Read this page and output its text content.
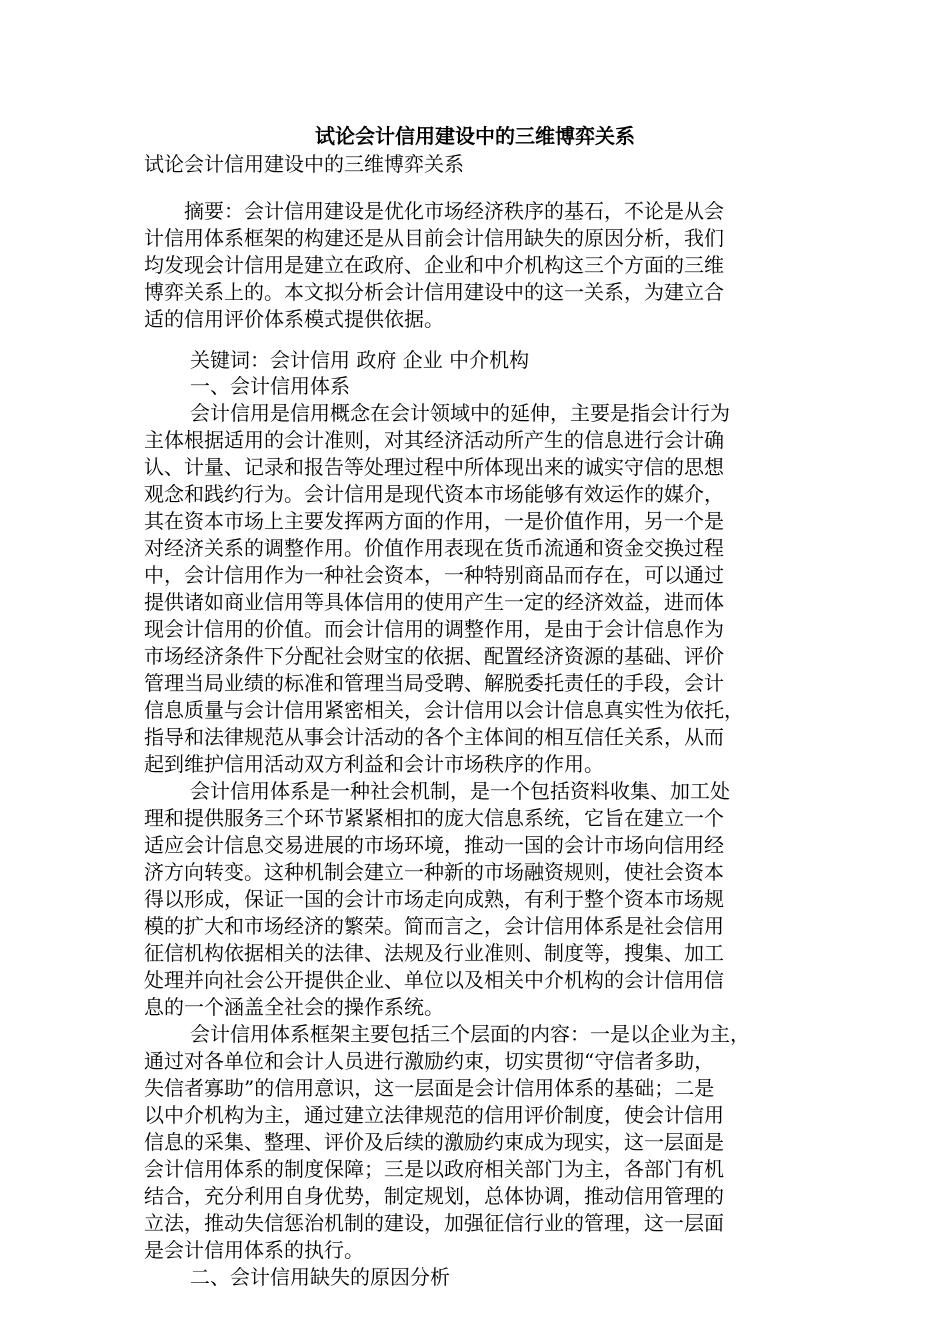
试论会计信用建设中的三维博弈关系
试论会计信用建设中的三维博弈关系
　　摘要：会计信用建设是优化市场经济秩序的基石，不论是从会
计信用体系框架的构建还是从目前会计信用缺失的原因分析，我们
均发现会计信用是建立在政府、企业和中介机构这三个方面的三维
博弈关系上的。本文拟分析会计信用建设中的这一关系，为建立合
适的信用评价体系模式提供依据。
关键词：会计信用 政府 企业 中介机构
一、会计信用体系
会计信用是信用概念在会计领域中的延伸，主要是指会计行为
主体根据适用的会计准则，对其经济活动所产生的信息进行会计确
认、计量、记录和报告等处理过程中所体现出来的诚实守信的思想
观念和践约行为。会计信用是现代资本市场能够有效运作的媒介，
其在资本市场上主要发挥两方面的作用，一是价值作用，另一个是
对经济关系的调整作用。价值作用表现在货币流通和资金交换过程
中，会计信用作为一种社会资本，一种特别商品而存在，可以通过
提供诸如商业信用等具体信用的使用产生一定的经济效益，进而体
现会计信用的价值。而会计信用的调整作用，是由于会计信息作为
市场经济条件下分配社会财宝的依据、配置经济资源的基础、评价
管理当局业绩的标准和管理当局受聘、解脱委托责任的手段，会计
信息质量与会计信用紧密相关，会计信用以会计信息真实性为依托，
指导和法律规范从事会计活动的各个主体间的相互信任关系，从而
起到维护信用活动双方利益和会计市场秩序的作用。
会计信用体系是一种社会机制，是一个包括资料收集、加工处
理和提供服务三个环节紧紧相扣的庞大信息系统，它旨在建立一个
适应会计信息交易进展的市场环境，推动一国的会计市场向信用经
济方向转变。这种机制会建立一种新的市场融资规则，使社会资本
得以形成，保证一国的会计市场走向成熟，有利于整个资本市场规
模的扩大和市场经济的繁荣。简而言之，会计信用体系是社会信用
征信机构依据相关的法律、法规及行业准则、制度等，搜集、加工
处理并向社会公开提供企业、单位以及相关中介机构的会计信用信
息的一个涵盖全社会的操作系统。
会计信用体系框架主要包括三个层面的内容：一是以企业为主，
通过对各单位和会计人员进行激励约束，切实贯彻“守信者多助，
失信者寡助”的信用意识，这一层面是会计信用体系的基础；二是
以中介机构为主，通过建立法律规范的信用评价制度，使会计信用
信息的采集、整理、评价及后续的激励约束成为现实，这一层面是
会计信用体系的制度保障；三是以政府相关部门为主，各部门有机
结合，充分利用自身优势，制定规划，总体协调，推动信用管理的
立法，推动失信惩治机制的建设，加强征信行业的管理，这一层面
是会计信用体系的执行。
二、会计信用缺失的原因分析
